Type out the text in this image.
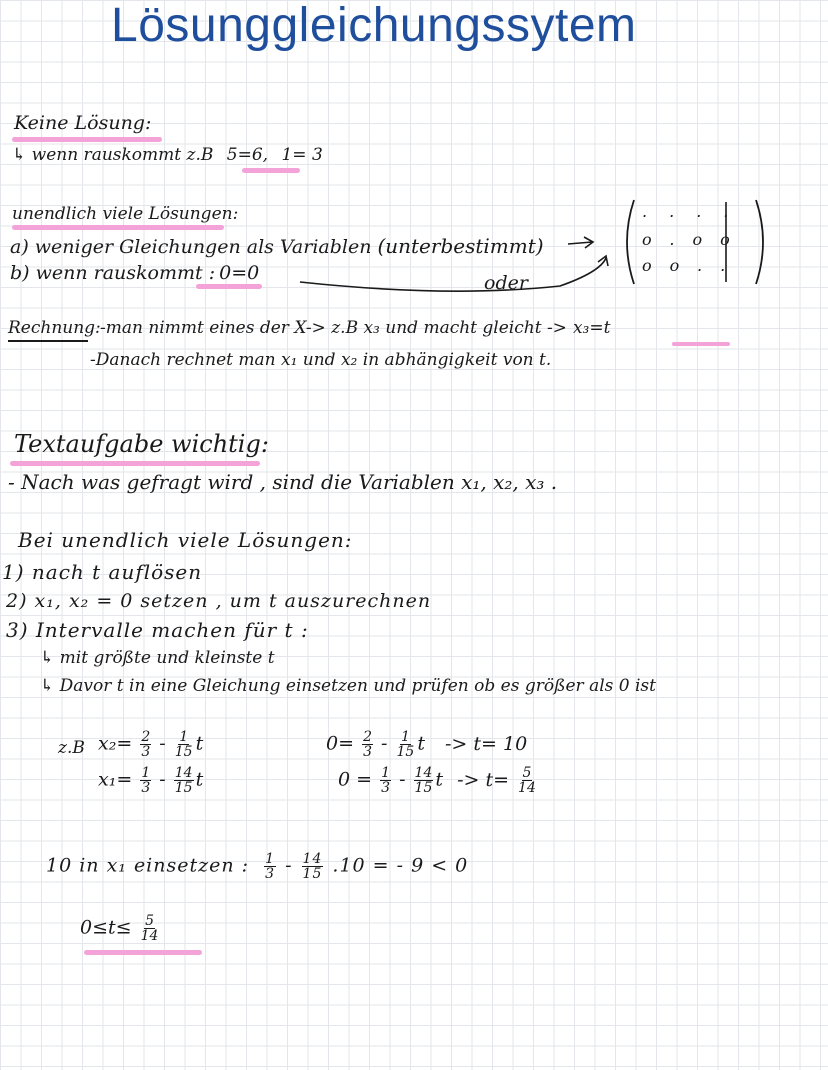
Lösunggleichungssytem
Keine Lösung:
↳ wenn rauskommt z.B 5=6, 1= 3
unendlich viele Lösungen:
a) weniger Gleichungen als Variablen (unterbestimmt)
b) wenn rauskommt : 0=0	oder
....
o.oo
oo..
Rechnung: -man nimmt eines der X-> z.B x₃ und macht gleicht -> x₃=t
-Danach rechnet man x₁ und x₂ in abhängigkeit von t.
Textaufgabe wichtig:
- Nach was gefragt wird , sind die Variablen x₁, x₂, x₃ .
Bei unendlich viele Lösungen:
1) nach t auflösen
2) x₁, x₂ = 0 setzen , um t auszurechnen
3) Intervalle machen für t :
↳ mit größte und kleinste t
↳ Davor t in eine Gleichung einsetzen und prüfen ob es größer als 0 ist
z.B $x_2= \frac{2}{3} - \frac{1}{15}$ t
$x_1= \frac{1}{3} - \frac{14}{15}$ t
$0= \frac{2}{3} - \frac{1}{15}$ t -> t= 10
$0 = \frac{1}{3} - \frac{14}{15}$ $t -> t= \frac{5}{14}$
10 in x₁ einsetzen : $\frac{1}{3} - \frac{14}{15} .10$ = - 9 < 0
$0\le t\le \frac{5}{14}$
